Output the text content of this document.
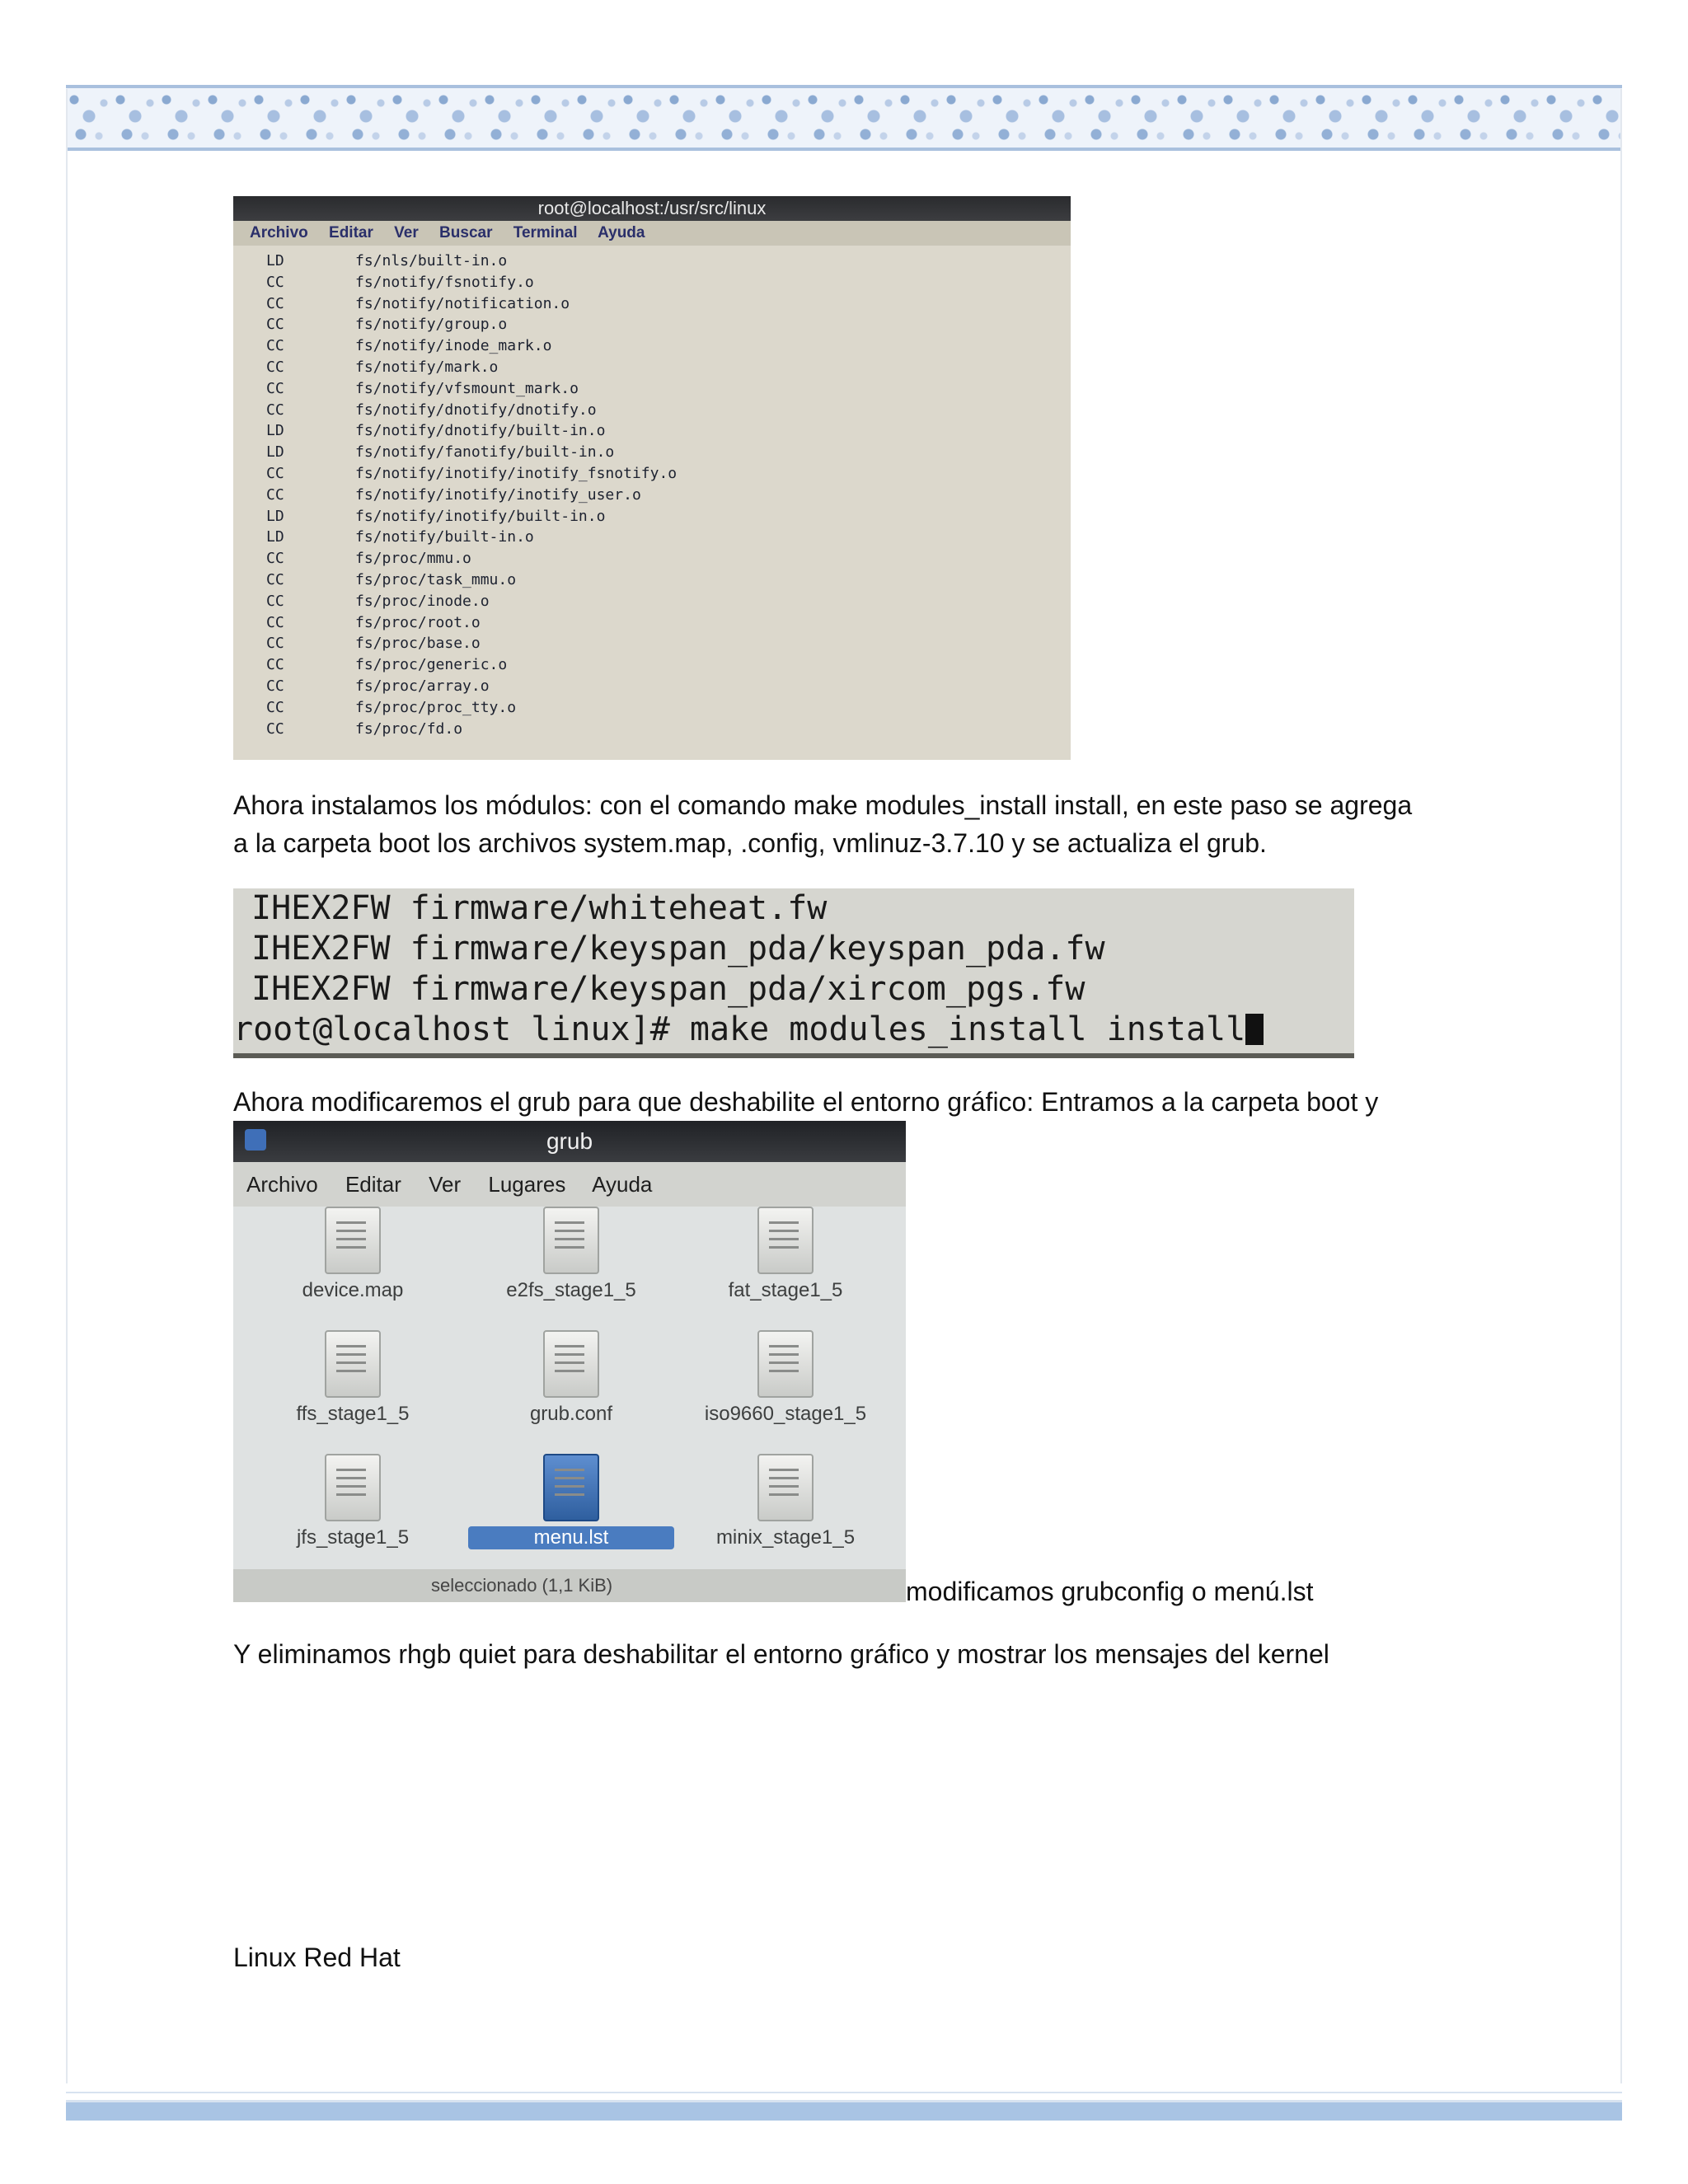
root@localhost:/usr/src/linux
Archivo Editar Ver Buscar Terminal Ayuda
LD	fs/nls/built-in.o
CC	fs/notify/fsnotify.o
CC	fs/notify/notification.o
CC	fs/notify/group.o
CC	fs/notify/inode_mark.o
CC	fs/notify/mark.o
CC	fs/notify/vfsmount_mark.o
CC	fs/notify/dnotify/dnotify.o
LD	fs/notify/dnotify/built-in.o
LD	fs/notify/fanotify/built-in.o
CC	fs/notify/inotify/inotify_fsnotify.o
CC	fs/notify/inotify/inotify_user.o
LD	fs/notify/inotify/built-in.o
LD	fs/notify/built-in.o
CC	fs/proc/mmu.o
CC	fs/proc/task_mmu.o
CC	fs/proc/inode.o
CC	fs/proc/root.o
CC	fs/proc/base.o
CC	fs/proc/generic.o
CC	fs/proc/array.o
CC	fs/proc/proc_tty.o
CC	fs/proc/fd.o
Ahora instalamos los módulos: con el comando make modules_install install, en este paso se agrega
a la carpeta boot los archivos system.map, .config, vmlinuz-3.7.10 y se actualiza el grub.
IHEX2FW firmware/whiteheat.fw
IHEX2FW firmware/keyspan_pda/keyspan_pda.fw
IHEX2FW firmware/keyspan_pda/xircom_pgs.fw
root@localhost linux]# make modules_install install
Ahora modificaremos el grub para que deshabilite el entorno gráfico: Entramos a la carpeta boot y
grub
Archivo Editar Ver Lugares Ayuda
device.map	e2fs_stage1_5	fat_stage1_5
ffs_stage1_5	grub.conf	iso9660_stage1_5
jfs_stage1_5	menu.lst	minix_stage1_5
seleccionado (1,1 KiB)	modificamos grubconfig o menú.lst
Y eliminamos rhgb quiet para deshabilitar el entorno gráfico y mostrar los mensajes del kernel
Linux Red Hat
